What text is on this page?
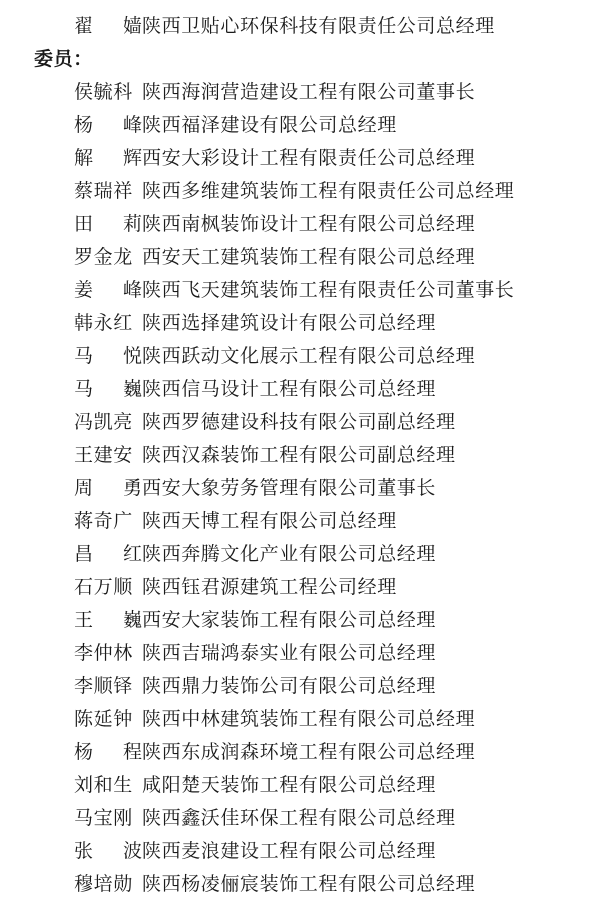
翟 嫱陕西卫贴心环保科技有限责任公司总经理
委员：
侯毓科 陕西海润营造建设工程有限公司董事长
杨 峰陕西福泽建设有限公司总经理
解 辉西安大彩设计工程有限责任公司总经理
蔡瑞祥 陕西多维建筑装饰工程有限责任公司总经理
田 莉陕西南枫装饰设计工程有限公司总经理
罗金龙 西安天工建筑装饰工程有限公司总经理
姜 峰陕西飞天建筑装饰工程有限责任公司董事长
韩永红 陕西选择建筑设计有限公司总经理
马 悦陕西跃动文化展示工程有限公司总经理
马 巍陕西信马设计工程有限公司总经理
冯凯亮 陕西罗德建设科技有限公司副总经理
王建安 陕西汉森装饰工程有限公司副总经理
周 勇西安大象劳务管理有限公司董事长
蒋奇广 陕西天博工程有限公司总经理
昌 红陕西奔腾文化产业有限公司总经理
石万顺 陕西钰君源建筑工程公司经理
王 巍西安大家装饰工程有限公司总经理
李仲林 陕西吉瑞鸿泰实业有限公司总经理
李顺铎 陕西鼎力装饰公司有限公司总经理
陈延钟 陕西中林建筑装饰工程有限公司总经理
杨 程陕西东成润森环境工程有限公司总经理
刘和生 咸阳楚天装饰工程有限公司总经理
马宝刚 陕西鑫沃佳环保工程有限公司总经理
张 波陕西麦浪建设工程有限公司总经理
穆培勋 陕西杨凌俪宸装饰工程有限公司总经理
